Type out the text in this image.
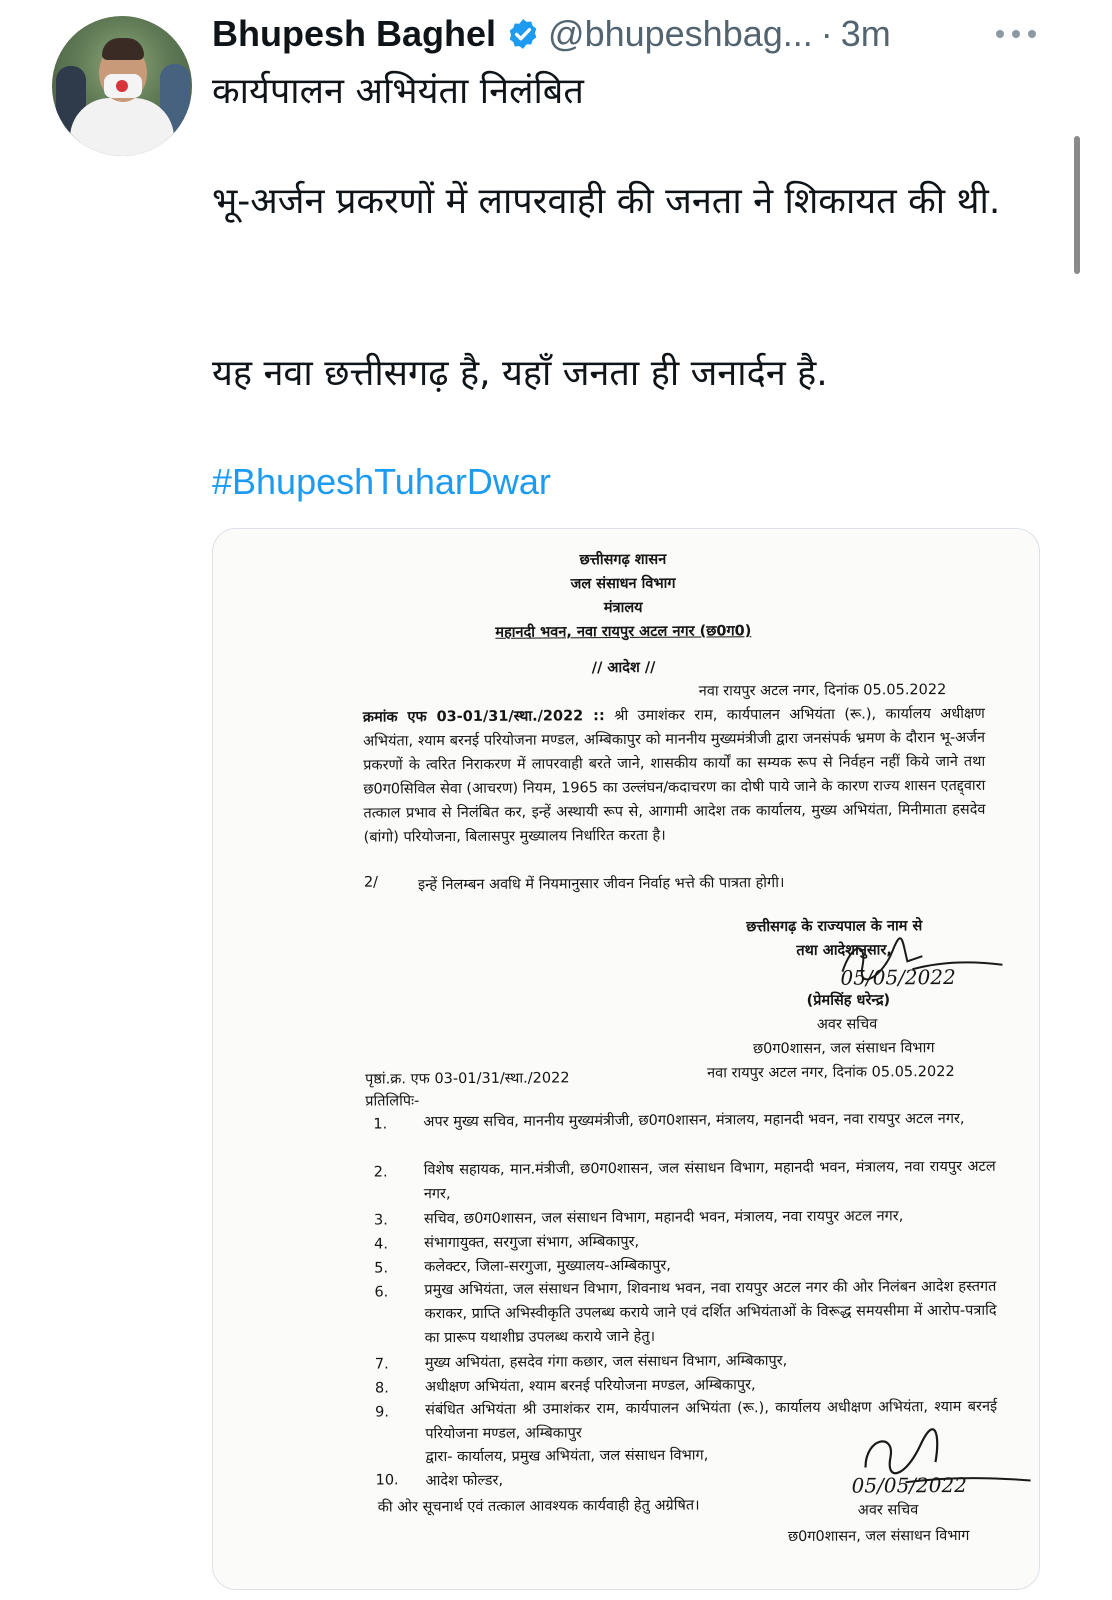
Bhupesh Baghel @bhupeshbag... · 3m
कार्यपालन अभियंता निलंबित
भू-अर्जन प्रकरणों में लापरवाही की जनता ने शिकायत की थी.
यह नवा छत्तीसगढ़ है, यहाँ जनता ही जनार्दन है.
#BhupeshTuharDwar
छत्तीसगढ़ शासन
जल संसाधन विभाग
मंत्रालय
महानदी भवन, नवा रायपुर अटल नगर (छ0ग0)
// आदेश //
नवा रायपुर अटल नगर, दिनांक 05.05.2022
क्रमांक एफ 03-01/31/स्था./2022 :: श्री उमाशंकर राम, कार्यपालन अभियंता (रू.), कार्यालय अधीक्षण अभियंता, श्याम बरनई परियोजना मण्डल, अम्बिकापुर को माननीय मुख्यमंत्रीजी द्वारा जनसंपर्क भ्रमण के दौरान भू-अर्जन प्रकरणों के त्वरित निराकरण में लापरवाही बरते जाने, शासकीय कार्यों का सम्यक रूप से निर्वहन नहीं किये जाने तथा छ0ग0सिविल सेवा (आचरण) नियम, 1965 का उल्लंघन/कदाचरण का दोषी पाये जाने के कारण राज्य शासन एतद्द्वारा तत्काल प्रभाव से निलंबित कर, इन्हें अस्थायी रूप से, आगामी आदेश तक कार्यालय, मुख्य अभियंता, मिनीमाता हसदेव (बांगो) परियोजना, बिलासपुर मुख्यालय निर्धारित करता है।
2/	इन्हें निलम्बन अवधि में नियमानुसार जीवन निर्वाह भत्ते की पात्रता होगी।
छत्तीसगढ़ के राज्यपाल के नाम से
तथा आदेशानुसार,
05/05/2022
(प्रेमसिंह धरेन्द्र)
अवर सचिव
छ0ग0शासन, जल संसाधन विभाग
पृष्ठां.क्र. एफ 03-01/31/स्था./2022	नवा रायपुर अटल नगर, दिनांक 05.05.2022
प्रतिलिपिः-
1. अपर मुख्य सचिव, माननीय मुख्यमंत्रीजी, छ0ग0शासन, मंत्रालय, महानदी भवन, नवा रायपुर अटल नगर,
2. विशेष सहायक, मान.मंत्रीजी, छ0ग0शासन, जल संसाधन विभाग, महानदी भवन, मंत्रालय, नवा रायपुर अटल नगर,
3. सचिव, छ0ग0शासन, जल संसाधन विभाग, महानदी भवन, मंत्रालय, नवा रायपुर अटल नगर,
4. संभागायुक्त, सरगुजा संभाग, अम्बिकापुर,
5. कलेक्टर, जिला-सरगुजा, मुख्यालय-अम्बिकापुर,
6. प्रमुख अभियंता, जल संसाधन विभाग, शिवनाथ भवन, नवा रायपुर अटल नगर की ओर निलंबन आदेश हस्तगत कराकर, प्राप्ति अभिस्वीकृति उपलब्ध कराये जाने एवं दर्शित अभियंताओं के विरूद्ध समयसीमा में आरोप-पत्रादि का प्रारूप यथाशीघ्र उपलब्ध कराये जाने हेतु।
7. मुख्य अभियंता, हसदेव गंगा कछार, जल संसाधन विभाग, अम्बिकापुर,
8. अधीक्षण अभियंता, श्याम बरनई परियोजना मण्डल, अम्बिकापुर,
9. संबंधित अभियंता श्री उमाशंकर राम, कार्यपालन अभियंता (रू.), कार्यालय अधीक्षण अभियंता, श्याम बरनई परियोजना मण्डल, अम्बिकापुर
द्वारा- कार्यालय, प्रमुख अभियंता, जल संसाधन विभाग,
10. आदेश फोल्डर,
की ओर सूचनार्थ एवं तत्काल आवश्यक कार्यवाही हेतु अग्रेषित।
05/05/2022
अवर सचिव
छ0ग0शासन, जल संसाधन विभाग
